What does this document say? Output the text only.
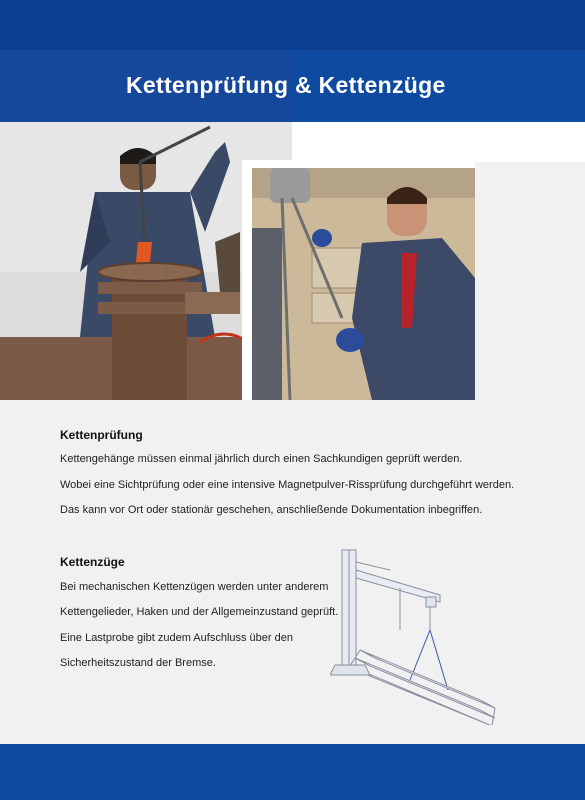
Kettenprüfung & Kettenzüge
Kettenprüfung
Kettengehänge müssen einmal jährlich durch einen Sachkundigen geprüft werden.
Wobei eine Sichtprüfung oder eine intensive Magnetpulver-Rissprüfung durchgeführt werden.
Das kann vor Ort oder stationär geschehen, anschließende Dokumentation inbegriffen.
Kettenzüge
Bei mechanischen Kettenzügen werden unter anderem
Kettengelieder, Haken und der Allgemeinzustand geprüft.
Eine Lastprobe gibt zudem Aufschluss über den
Sicherheitszustand der Bremse.
